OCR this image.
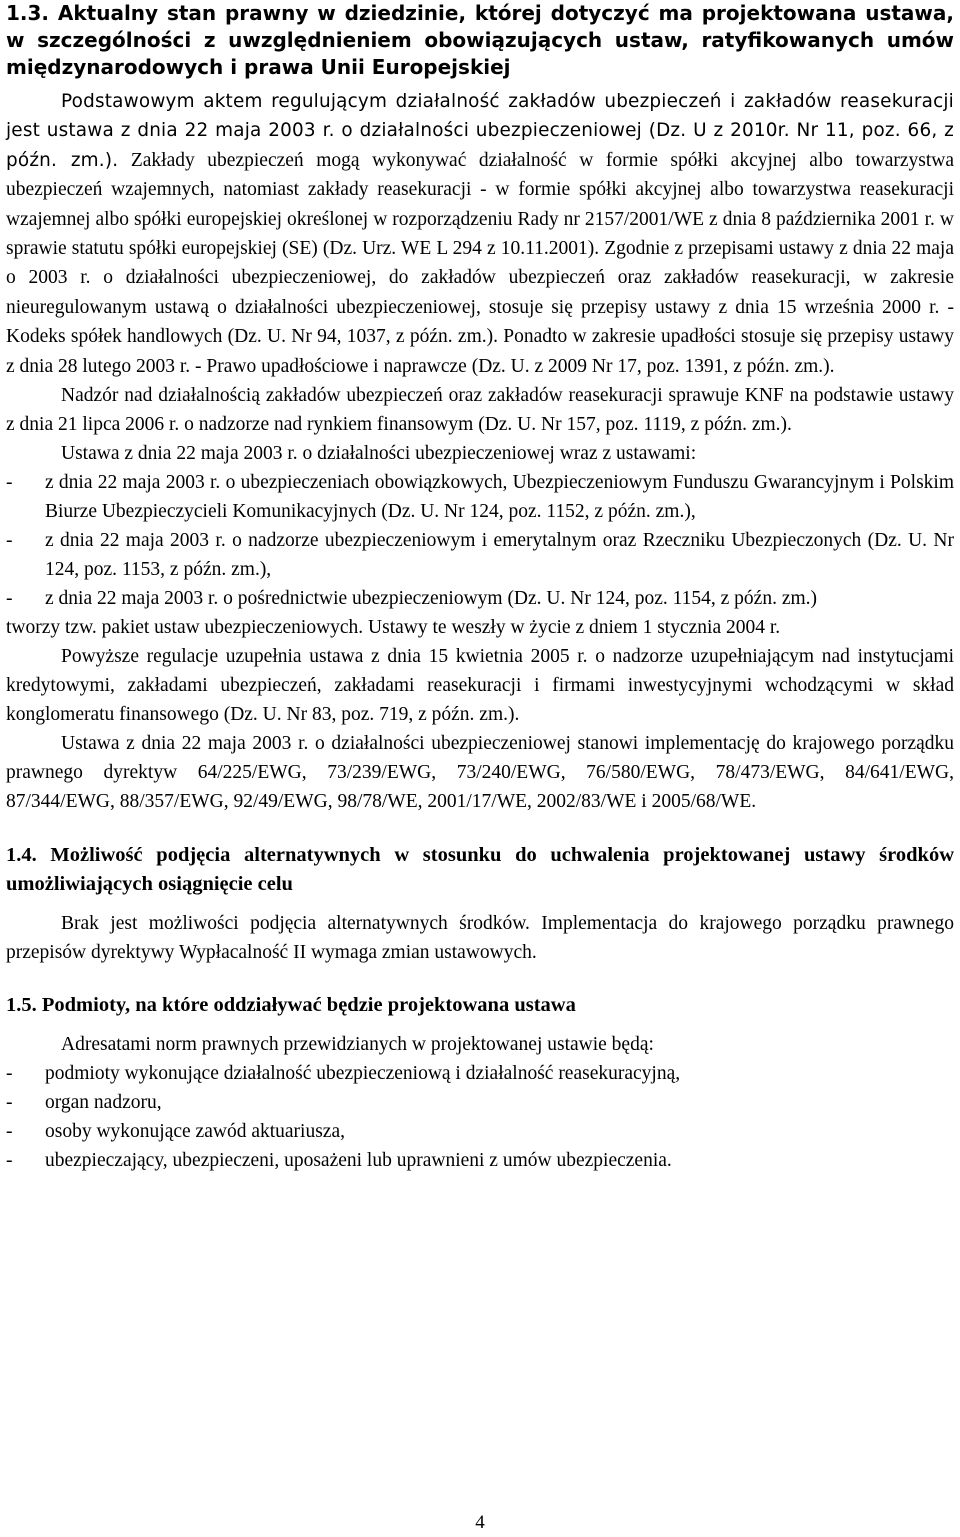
1.3. Aktualny stan prawny w dziedzinie, której dotyczyć ma projektowana ustawa, w szczególności z uwzględnieniem obowiązujących ustaw, ratyfikowanych umów międzynarodowych i prawa Unii Europejskiej

Podstawowym aktem regulującym działalność zakładów ubezpieczeń i zakładów reasekuracji jest ustawa z dnia 22 maja 2003 r. o działalności ubezpieczeniowej (Dz. U z 2010r. Nr 11, poz. 66, z późn. zm.). Zakłady ubezpieczeń mogą wykonywać działalność w formie spółki akcyjnej albo towarzystwa ubezpieczeń wzajemnych, natomiast zakłady reasekuracji - w formie spółki akcyjnej albo towarzystwa reasekuracji wzajemnej albo spółki europejskiej określonej w rozporządzeniu Rady nr 2157/2001/WE z dnia 8 października 2001 r. w sprawie statutu spółki europejskiej (SE) (Dz. Urz. WE L 294 z 10.11.2001). Zgodnie z przepisami ustawy z dnia 22 maja o 2003 r. o działalności ubezpieczeniowej, do zakładów ubezpieczeń oraz zakładów reasekuracji, w zakresie nieuregulowanym ustawą o działalności ubezpieczeniowej, stosuje się przepisy ustawy z dnia 15 września 2000 r. - Kodeks spółek handlowych (Dz. U. Nr 94, 1037, z późn. zm.). Ponadto w zakresie upadłości stosuje się przepisy ustawy z dnia 28 lutego 2003 r. - Prawo upadłościowe i naprawcze (Dz. U. z 2009 Nr 17, poz. 1391, z późn. zm.).

Nadzór nad działalnością zakładów ubezpieczeń oraz zakładów reasekuracji sprawuje KNF na podstawie ustawy z dnia 21 lipca 2006 r. o nadzorze nad rynkiem finansowym (Dz. U. Nr 157, poz. 1119, z późn. zm.).

Ustawa z dnia 22 maja 2003 r. o działalności ubezpieczeniowej wraz z ustawami:

- z dnia 22 maja 2003 r. o ubezpieczeniach obowiązkowych, Ubezpieczeniowym Funduszu Gwarancyjnym i Polskim Biurze Ubezpieczycieli Komunikacyjnych (Dz. U. Nr 124, poz. 1152, z późn. zm.),
- z dnia 22 maja 2003 r. o nadzorze ubezpieczeniowym i emerytalnym oraz Rzeczniku Ubezpieczonych (Dz. U. Nr 124, poz. 1153, z późn. zm.),
- z dnia 22 maja 2003 r. o pośrednictwie ubezpieczeniowym (Dz. U. Nr 124, poz. 1154, z późn. zm.)

tworzy tzw. pakiet ustaw ubezpieczeniowych. Ustawy te weszły w życie z dniem 1 stycznia 2004 r.

Powyższe regulacje uzupełnia ustawa z dnia 15 kwietnia 2005 r. o nadzorze uzupełniającym nad instytucjami kredytowymi, zakładami ubezpieczeń, zakładami reasekuracji i firmami inwestycyjnymi wchodzącymi w skład konglomeratu finansowego (Dz. U. Nr 83, poz. 719, z późn. zm.).

Ustawa z dnia 22 maja 2003 r. o działalności ubezpieczeniowej stanowi implementację do krajowego porządku prawnego dyrektyw 64/225/EWG, 73/239/EWG, 73/240/EWG, 76/580/EWG, 78/473/EWG, 84/641/EWG, 87/344/EWG, 88/357/EWG, 92/49/EWG, 98/78/WE, 2001/17/WE, 2002/83/WE i 2005/68/WE.

1.4. Możliwość podjęcia alternatywnych w stosunku do uchwalenia projektowanej ustawy środków umożliwiających osiągnięcie celu

Brak jest możliwości podjęcia alternatywnych środków. Implementacja do krajowego porządku prawnego przepisów dyrektywy Wypłacalność II wymaga zmian ustawowych.

1.5. Podmioty, na które oddziaływać będzie projektowana ustawa

Adresatami norm prawnych przewidzianych w projektowanej ustawie będą:

- podmioty wykonujące działalność ubezpieczeniową i działalność reasekuracyjną,
- organ nadzoru,
- osoby wykonujące zawód aktuariusza,
- ubezpieczający, ubezpieczeni, uposażeni lub uprawnieni z umów ubezpieczenia.
4
